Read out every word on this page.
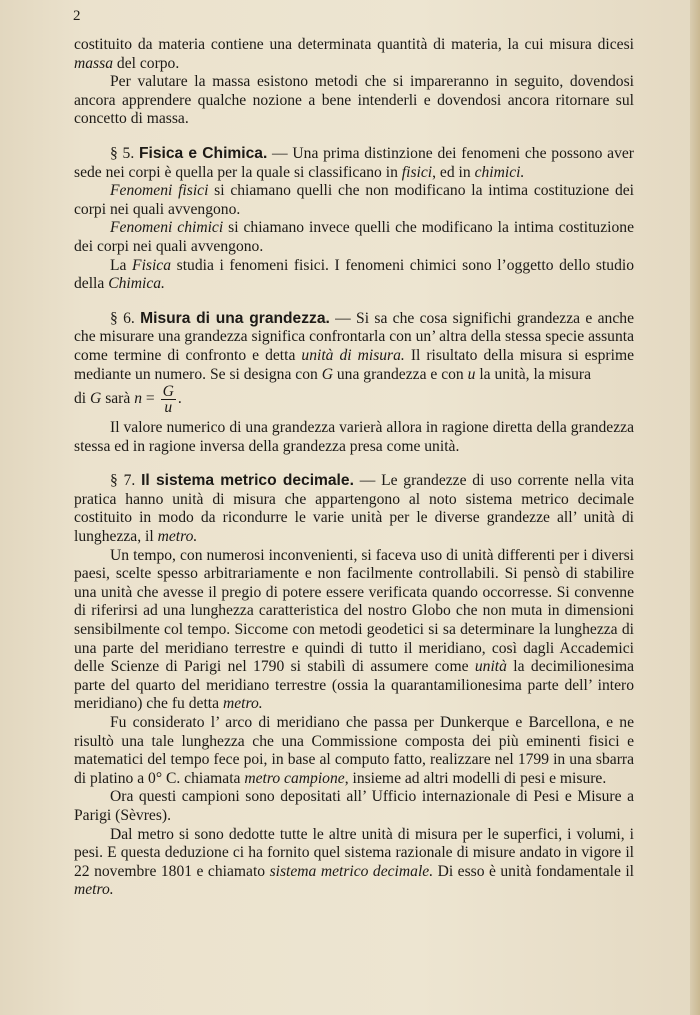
2

costituito da materia contiene una determinata quantità di materia, la cui misura dicesi massa del corpo.

Per valutare la massa esistono metodi che si impareranno in seguito, dovendosi ancora apprendere qualche nozione a bene intenderli e dovendosi ancora ritornare sul concetto di massa.

§ 5. Fisica e Chimica. — Una prima distinzione dei fenomeni che possono aver sede nei corpi è quella per la quale si classificano in fisici, ed in chimici.

Fenomeni fisici si chiamano quelli che non modificano la intima costituzione dei corpi nei quali avvengono.

Fenomeni chimici si chiamano invece quelli che modificano la intima costituzione dei corpi nei quali avvengono.

La Fisica studia i fenomeni fisici. I fenomeni chimici sono l’oggetto dello studio della Chimica.

§ 6. Misura di una grandezza. — Si sa che cosa significhi grandezza e anche che misurare una grandezza significa confrontarla con un’ altra della stessa specie assunta come termine di confronto e detta unità di misura. Il risultato della misura si esprime mediante un numero. Se si designa con G una grandezza e con u la unità, la misura

di G sarà $n = \frac{G}{u}$ .

Il valore numerico di una grandezza varierà allora in ragione diretta della grandezza stessa ed in ragione inversa della grandezza presa come unità.

§ 7. Il sistema metrico decimale. — Le grandezze di uso corrente nella vita pratica hanno unità di misura che appartengono al noto sistema metrico decimale costituito in modo da ricondurre le varie unità per le diverse grandezze all’ unità di lunghezza, il metro.

Un tempo, con numerosi inconvenienti, si faceva uso di unità differenti per i diversi paesi, scelte spesso arbitrariamente e non facilmente controllabili. Si pensò di stabilire una unità che avesse il pregio di potere essere verificata quando occorresse. Si convenne di riferirsi ad una lunghezza caratteristica del nostro Globo che non muta in dimensioni sensibilmente col tempo. Siccome con metodi geodetici si sa determinare la lunghezza di una parte del meridiano terrestre e quindi di tutto il meridiano, così dagli Accademici delle Scienze di Parigi nel 1790 si stabilì di assumere come unità la decimilionesima parte del quarto del meridiano terrestre (ossia la quarantamilionesima parte dell’ intero meridiano) che fu detta metro.

Fu considerato l’ arco di meridiano che passa per Dunkerque e Barcellona, e ne risultò una tale lunghezza che una Commissione composta dei più eminenti fisici e matematici del tempo fece poi, in base al computo fatto, realizzare nel 1799 in una sbarra di platino a 0° C. chiamata metro campione, insieme ad altri modelli di pesi e misure.

Ora questi campioni sono depositati all’ Ufficio internazionale di Pesi e Misure a Parigi (Sèvres).

Dal metro si sono dedotte tutte le altre unità di misura per le superfici, i volumi, i pesi. E questa deduzione ci ha fornito quel sistema razionale di misure andato in vigore il 22 novembre 1801 e chiamato sistema metrico decimale. Di esso è unità fondamentale il metro.
